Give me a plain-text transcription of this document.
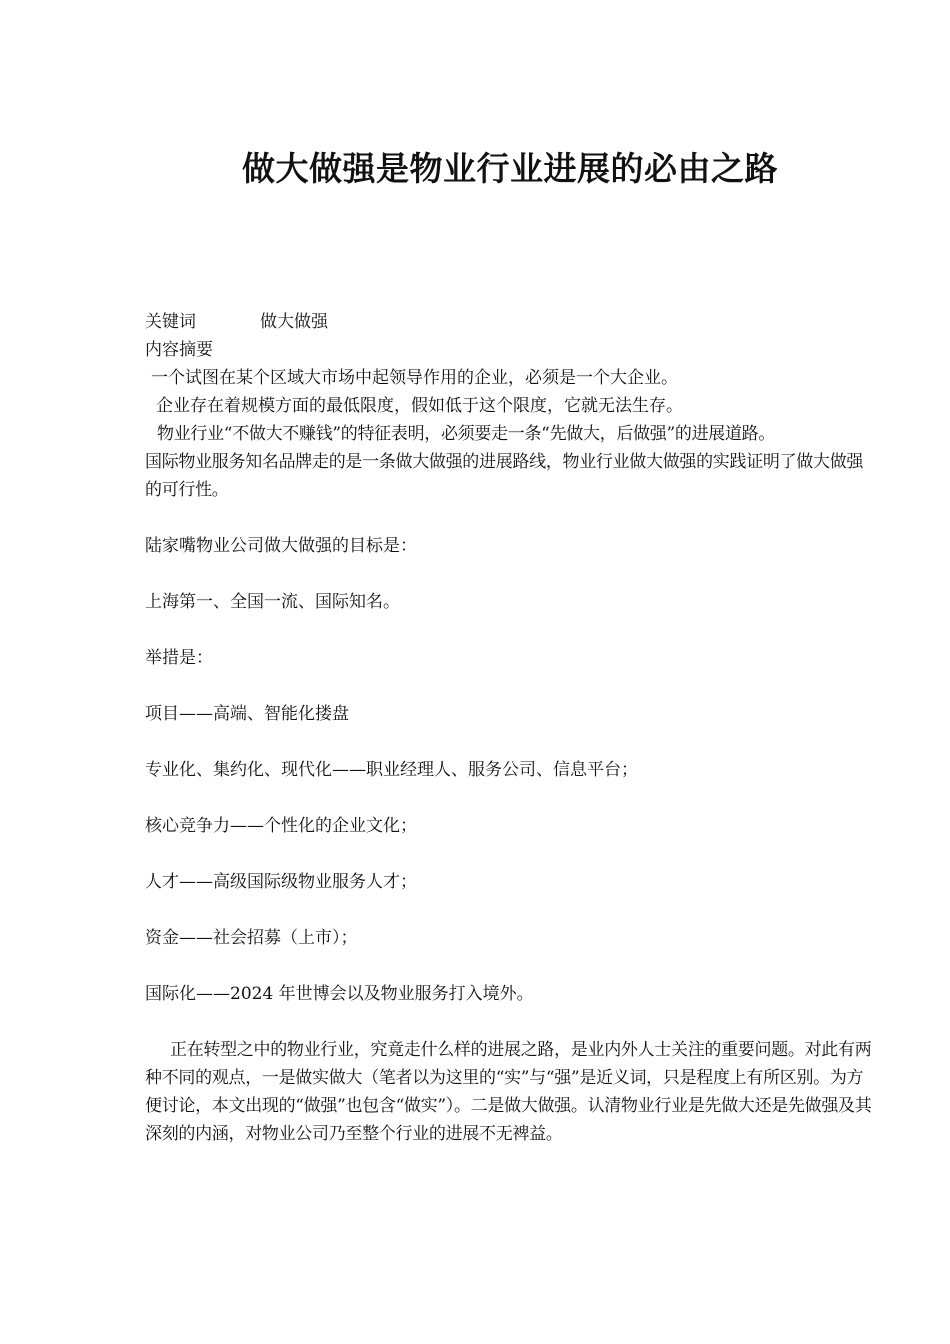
做大做强是物业行业进展的必由之路
关键词	做大做强

内容摘要

一个试图在某个区域大市场中起领导作用的企业，必须是一个大企业。

企业存在着规模方面的最低限度，假如低于这个限度，它就无法生存。

物业行业“不做大不赚钱”的特征表明，必须要走一条“先做大，后做强”的进展道路。

国际物业服务知名品牌走的是一条做大做强的进展路线，物业行业做大做强的实践证明了做大做强的可行性。

陆家嘴物业公司做大做强的目标是：

上海第一、全国一流、国际知名。

举措是：

项目——高端、智能化搂盘

专业化、集约化、现代化——职业经理人、服务公司、信息平台；

核心竞争力——个性化的企业文化；

人才——高级国际级物业服务人才；

资金——社会招募（上市）；

国际化——2024 年世博会以及物业服务打入境外。

正在转型之中的物业行业，究竟走什么样的进展之路，是业内外人士关注的重要问题。对此有两种不同的观点，一是做实做大（笔者以为这里的“实”与“强”是近义词，只是程度上有所区别。为方便讨论，本文出现的“做强”也包含“做实”）。二是做大做强。认清物业行业是先做大还是先做强及其深刻的内涵，对物业公司乃至整个行业的进展不无裨益。
